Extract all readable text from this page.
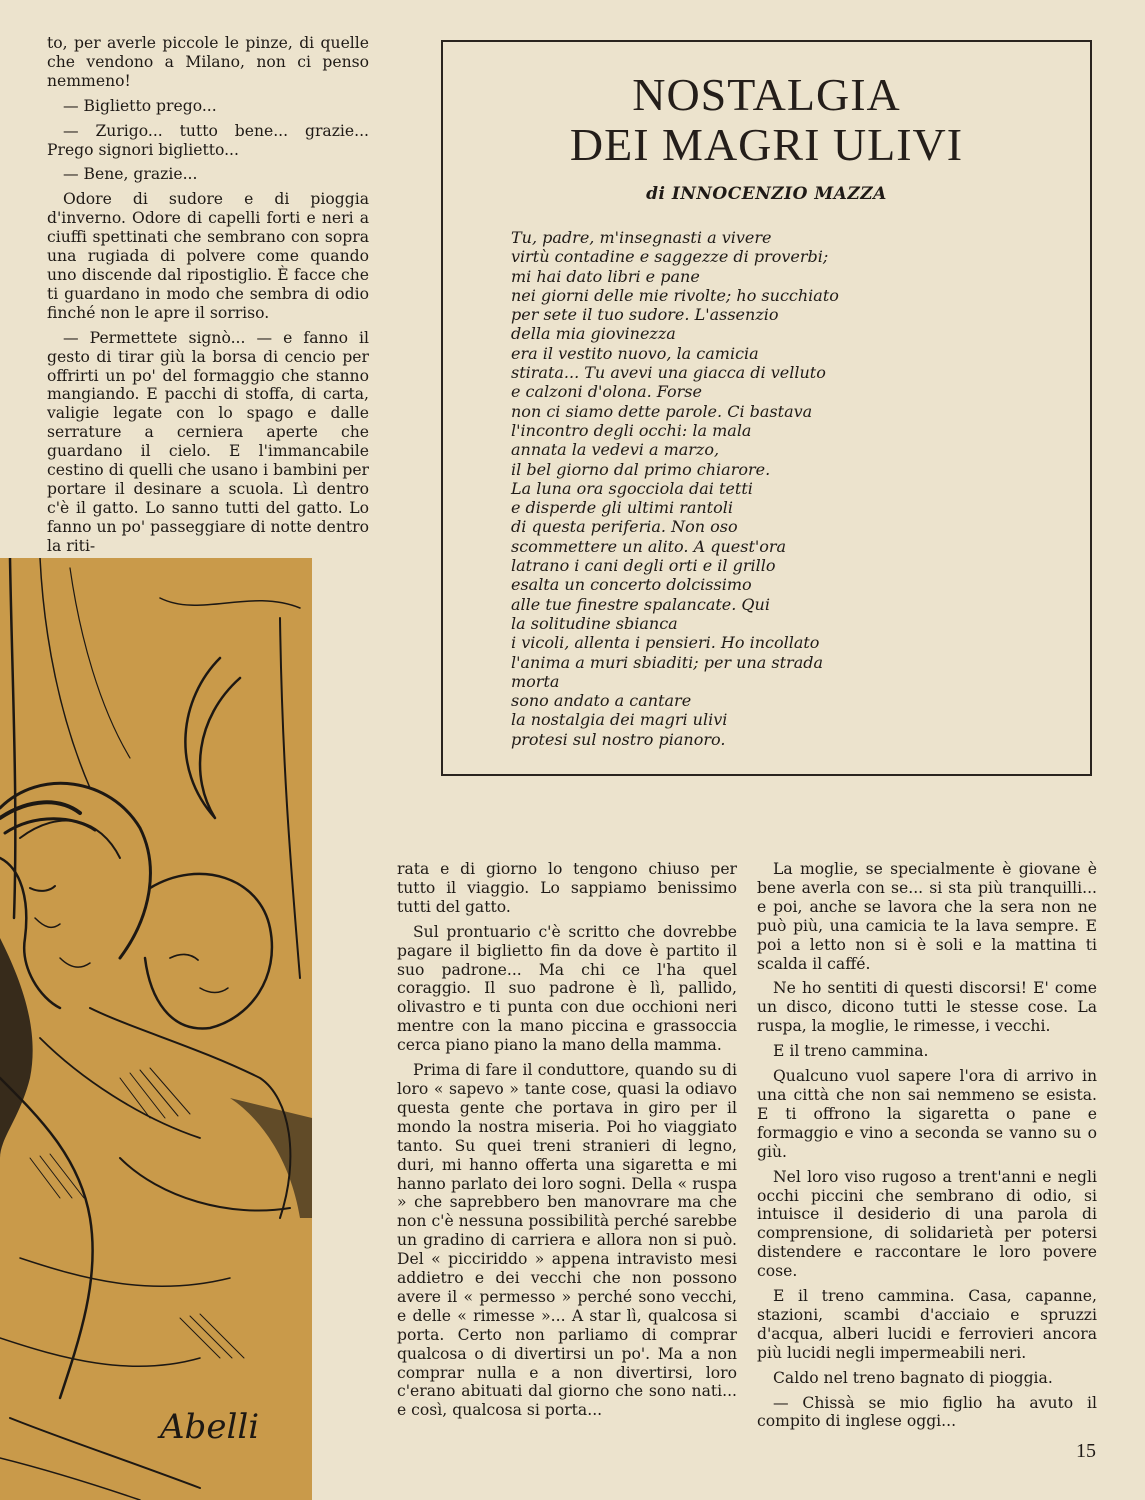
to, per averle piccole le pinze, di quelle che vendono a Milano, non ci penso nemmeno!

— Biglietto prego...

— Zurigo... tutto bene... grazie... Prego signori biglietto...

— Bene, grazie...

Odore di sudore e di pioggia d'inverno. Odore di capelli forti e neri a ciuffi spettinati che sembrano con sopra una rugiada di polvere come quando uno discende dal ripostiglio. È facce che ti guardano in modo che sembra di odio finché non le apre il sorriso.

— Permettete signò... — e fanno il gesto di tirar giù la borsa di cencio per offrirti un po' del formaggio che stanno mangiando. E pacchi di stoffa, di carta, valigie legate con lo spago e dalle serrature a cerniera aperte che guardano il cielo. E l'immancabile cestino di quelli che usano i bambini per portare il desinare a scuola. Lì dentro c'è il gatto. Lo sanno tutti del gatto. Lo fanno un po' passeggiare di notte dentro la riti-

NOSTALGIA
DEI MAGRI ULIVI
di INNOCENZIO MAZZA
Tu, padre, m'insegnasti a vivere
virtù contadine e saggezze di proverbi;
mi hai dato libri e pane
nei giorni delle mie rivolte; ho succhiato
per sete il tuo sudore. L'assenzio
della mia giovinezza
era il vestito nuovo, la camicia
stirata... Tu avevi una giacca di velluto
e calzoni d'olona. Forse
non ci siamo dette parole. Ci bastava
l'incontro degli occhi: la mala
annata la vedevi a marzo,
il bel giorno dal primo chiarore.
La luna ora sgocciola dai tetti
e disperde gli ultimi rantoli
di questa periferia. Non oso
scommettere un alito. A quest'ora
latrano i cani degli orti e il grillo
esalta un concerto dolcissimo
alle tue finestre spalancate. Qui
la solitudine sbianca
i vicoli, allenta i pensieri. Ho incollato
l'anima a muri sbiaditi; per una strada
morta
sono andato a cantare
la nostalgia dei magri ulivi
protesi sul nostro pianoro.
Abelli

rata e di giorno lo tengono chiuso per tutto il viaggio. Lo sappiamo benissimo tutti del gatto.

Sul prontuario c'è scritto che dovrebbe pagare il biglietto fin da dove è partito il suo padrone... Ma chi ce l'ha quel coraggio. Il suo padrone è lì, pallido, olivastro e ti punta con due occhioni neri mentre con la mano piccina e grassoccia cerca piano piano la mano della mamma.

Prima di fare il conduttore, quando su di loro « sapevo » tante cose, quasi la odiavo questa gente che portava in giro per il mondo la nostra miseria. Poi ho viaggiato tanto. Su quei treni stranieri di legno, duri, mi hanno offerta una sigaretta e mi hanno parlato dei loro sogni. Della « ruspa » che saprebbero ben manovrare ma che non c'è nessuna possibilità perché sarebbe un gradino di carriera e allora non si può. Del « picciriddo » appena intravisto mesi addietro e dei vecchi che non possono avere il « permesso » perché sono vecchi, e delle « rimesse »... A star lì, qualcosa si porta. Certo non parliamo di comprar qualcosa o di divertirsi un po'. Ma a non comprar nulla e a non divertirsi, loro c'erano abituati dal giorno che sono nati... e così, qualcosa si porta...

La moglie, se specialmente è giovane è bene averla con se... si sta più tranquilli... e poi, anche se lavora che la sera non ne può più, una camicia te la lava sempre. E poi a letto non si è soli e la mattina ti scalda il caffé.

Ne ho sentiti di questi discorsi! E' come un disco, dicono tutti le stesse cose. La ruspa, la moglie, le rimesse, i vecchi.

E il treno cammina.

Qualcuno vuol sapere l'ora di arrivo in una città che non sai nemmeno se esista. E ti offrono la sigaretta o pane e formaggio e vino a seconda se vanno su o giù.

Nel loro viso rugoso a trent'anni e negli occhi piccini che sembrano di odio, si intuisce il desiderio di una parola di comprensione, di solidarietà per potersi distendere e raccontare le loro povere cose.

E il treno cammina. Casa, capanne, stazioni, scambi d'acciaio e spruzzi d'acqua, alberi lucidi e ferrovieri ancora più lucidi negli impermeabili neri.

Caldo nel treno bagnato di pioggia.

— Chissà se mio figlio ha avuto il compito di inglese oggi...

15
